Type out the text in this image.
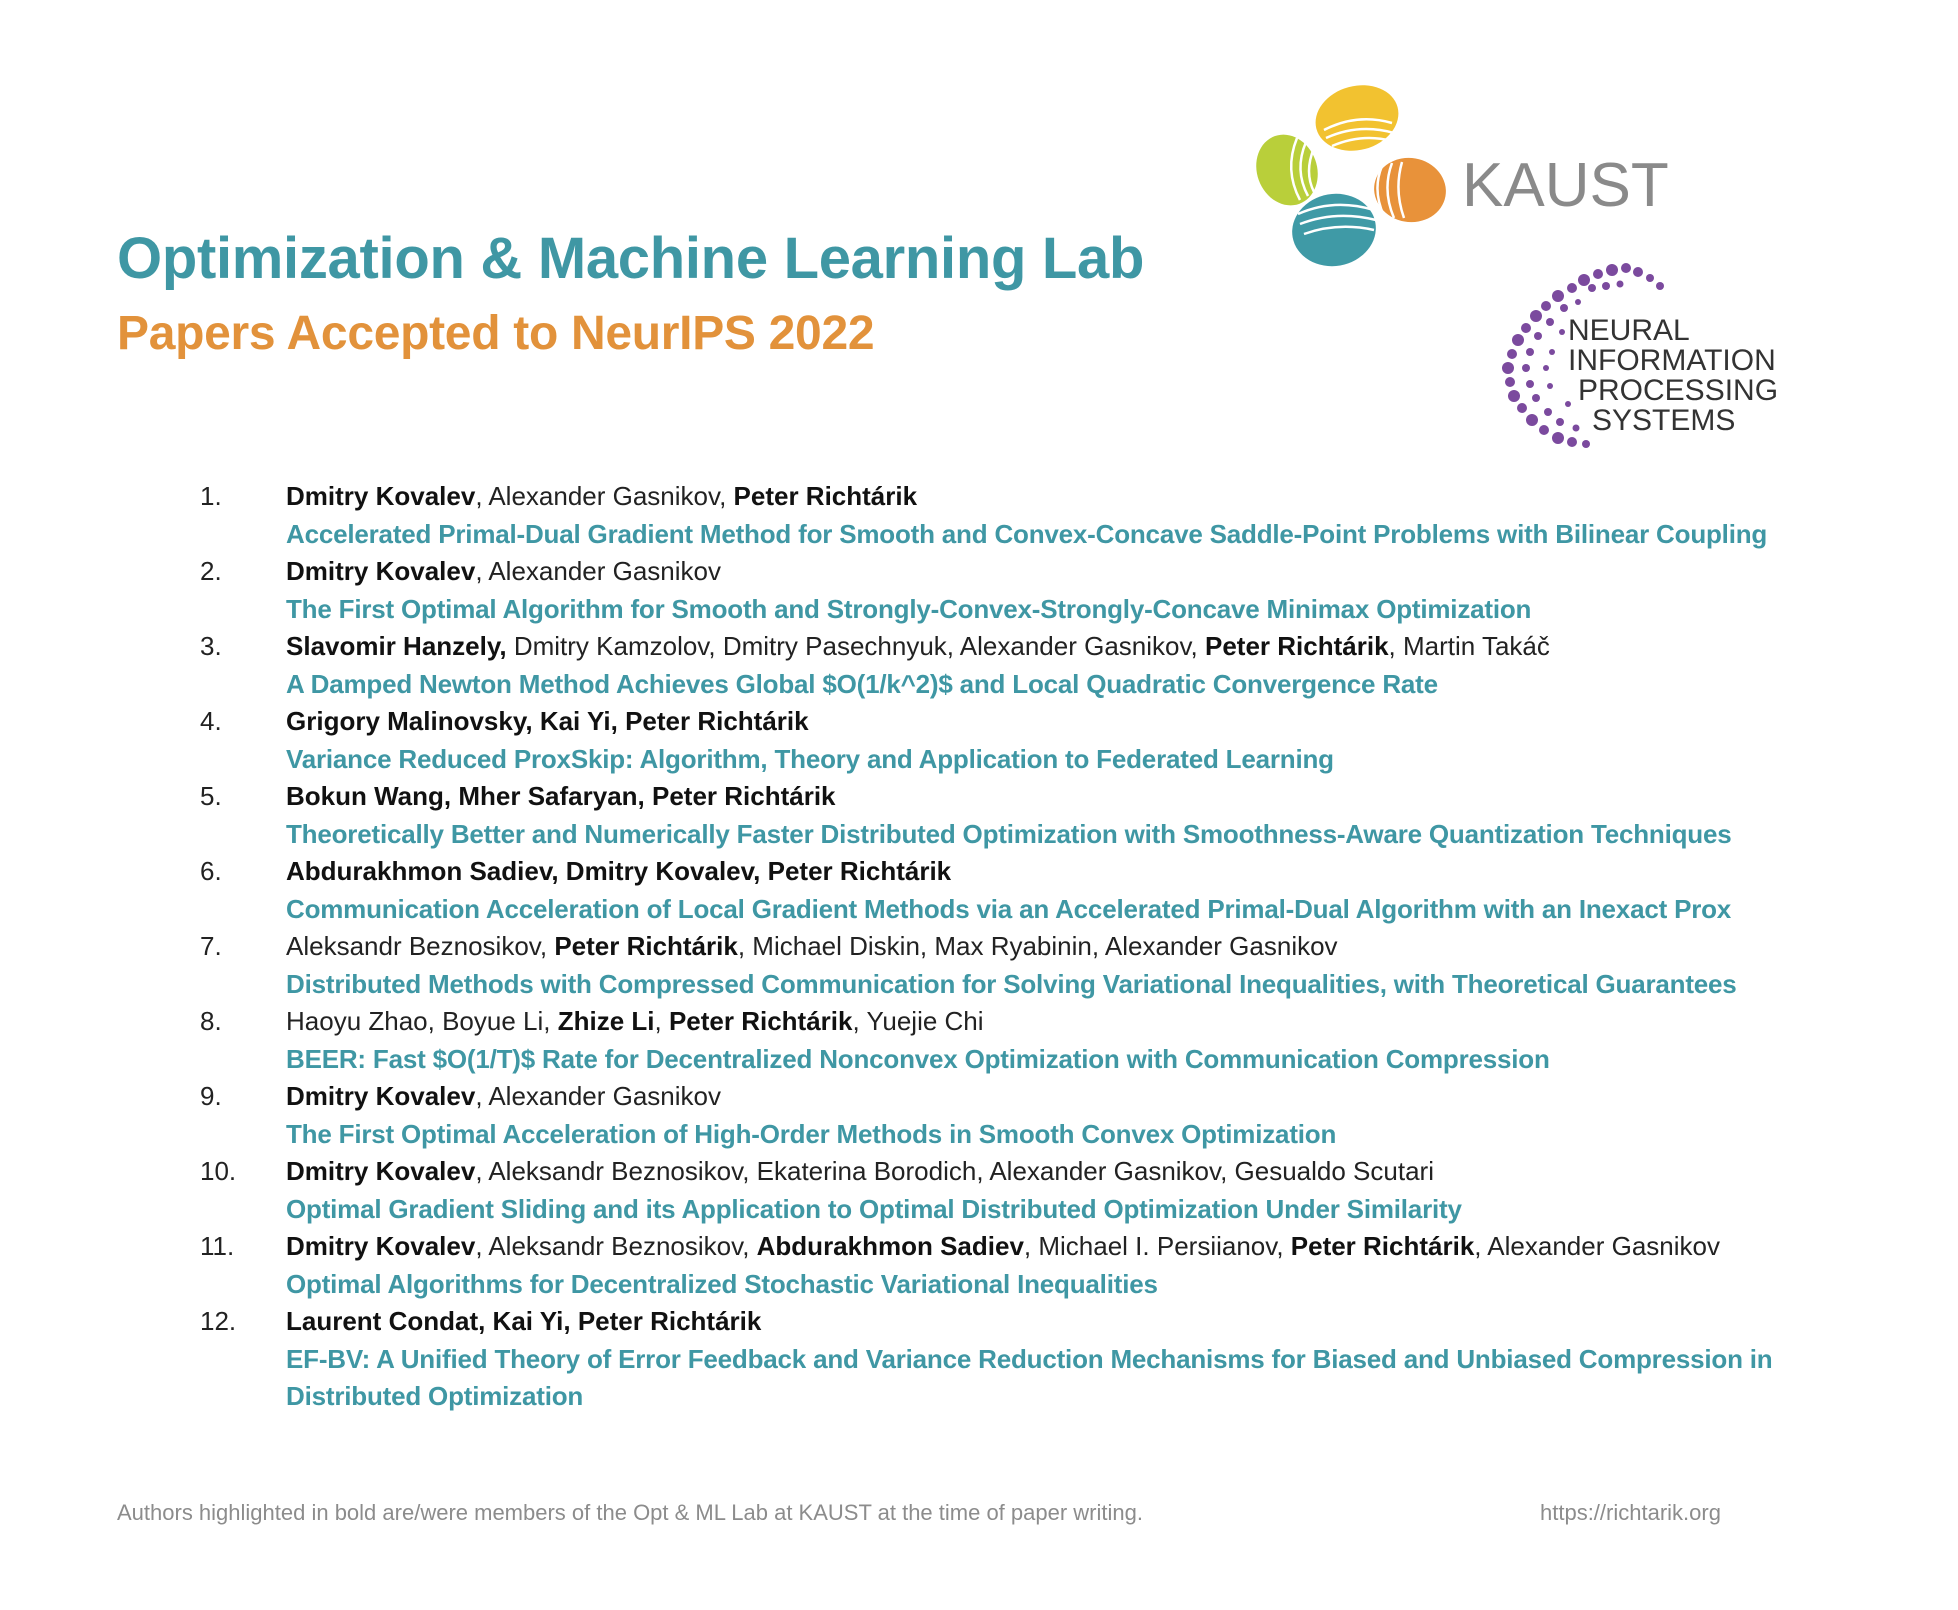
Optimization & Machine Learning Lab
Papers Accepted to NeurIPS 2022
KAUST
NEURAL INFORMATION PROCESSING SYSTEMS
1. Dmitry Kovalev, Alexander Gasnikov, Peter Richtárik
Accelerated Primal-Dual Gradient Method for Smooth and Convex-Concave Saddle-Point Problems with Bilinear Coupling
2. Dmitry Kovalev, Alexander Gasnikov
The First Optimal Algorithm for Smooth and Strongly-Convex-Strongly-Concave Minimax Optimization
3. Slavomir Hanzely, Dmitry Kamzolov, Dmitry Pasechnyuk, Alexander Gasnikov, Peter Richtárik, Martin Takáč
A Damped Newton Method Achieves Global $O(1/k^2)$ and Local Quadratic Convergence Rate
4. Grigory Malinovsky, Kai Yi, Peter Richtárik
Variance Reduced ProxSkip: Algorithm, Theory and Application to Federated Learning
5. Bokun Wang, Mher Safaryan, Peter Richtárik
Theoretically Better and Numerically Faster Distributed Optimization with Smoothness-Aware Quantization Techniques
6. Abdurakhmon Sadiev, Dmitry Kovalev, Peter Richtárik
Communication Acceleration of Local Gradient Methods via an Accelerated Primal-Dual Algorithm with an Inexact Prox
7. Aleksandr Beznosikov, Peter Richtárik, Michael Diskin, Max Ryabinin, Alexander Gasnikov
Distributed Methods with Compressed Communication for Solving Variational Inequalities, with Theoretical Guarantees
8. Haoyu Zhao, Boyue Li, Zhize Li, Peter Richtárik, Yuejie Chi
BEER: Fast $O(1/T)$ Rate for Decentralized Nonconvex Optimization with Communication Compression
9. Dmitry Kovalev, Alexander Gasnikov
The First Optimal Acceleration of High-Order Methods in Smooth Convex Optimization
10. Dmitry Kovalev, Aleksandr Beznosikov, Ekaterina Borodich, Alexander Gasnikov, Gesualdo Scutari
Optimal Gradient Sliding and its Application to Optimal Distributed Optimization Under Similarity
11. Dmitry Kovalev, Aleksandr Beznosikov, Abdurakhmon Sadiev, Michael I. Persiianov, Peter Richtárik, Alexander Gasnikov
Optimal Algorithms for Decentralized Stochastic Variational Inequalities
12. Laurent Condat, Kai Yi, Peter Richtárik
EF-BV: A Unified Theory of Error Feedback and Variance Reduction Mechanisms for Biased and Unbiased Compression in Distributed Optimization
Authors highlighted in bold are/were members of the Opt & ML Lab at KAUST at the time of paper writing.	https://richtarik.org
